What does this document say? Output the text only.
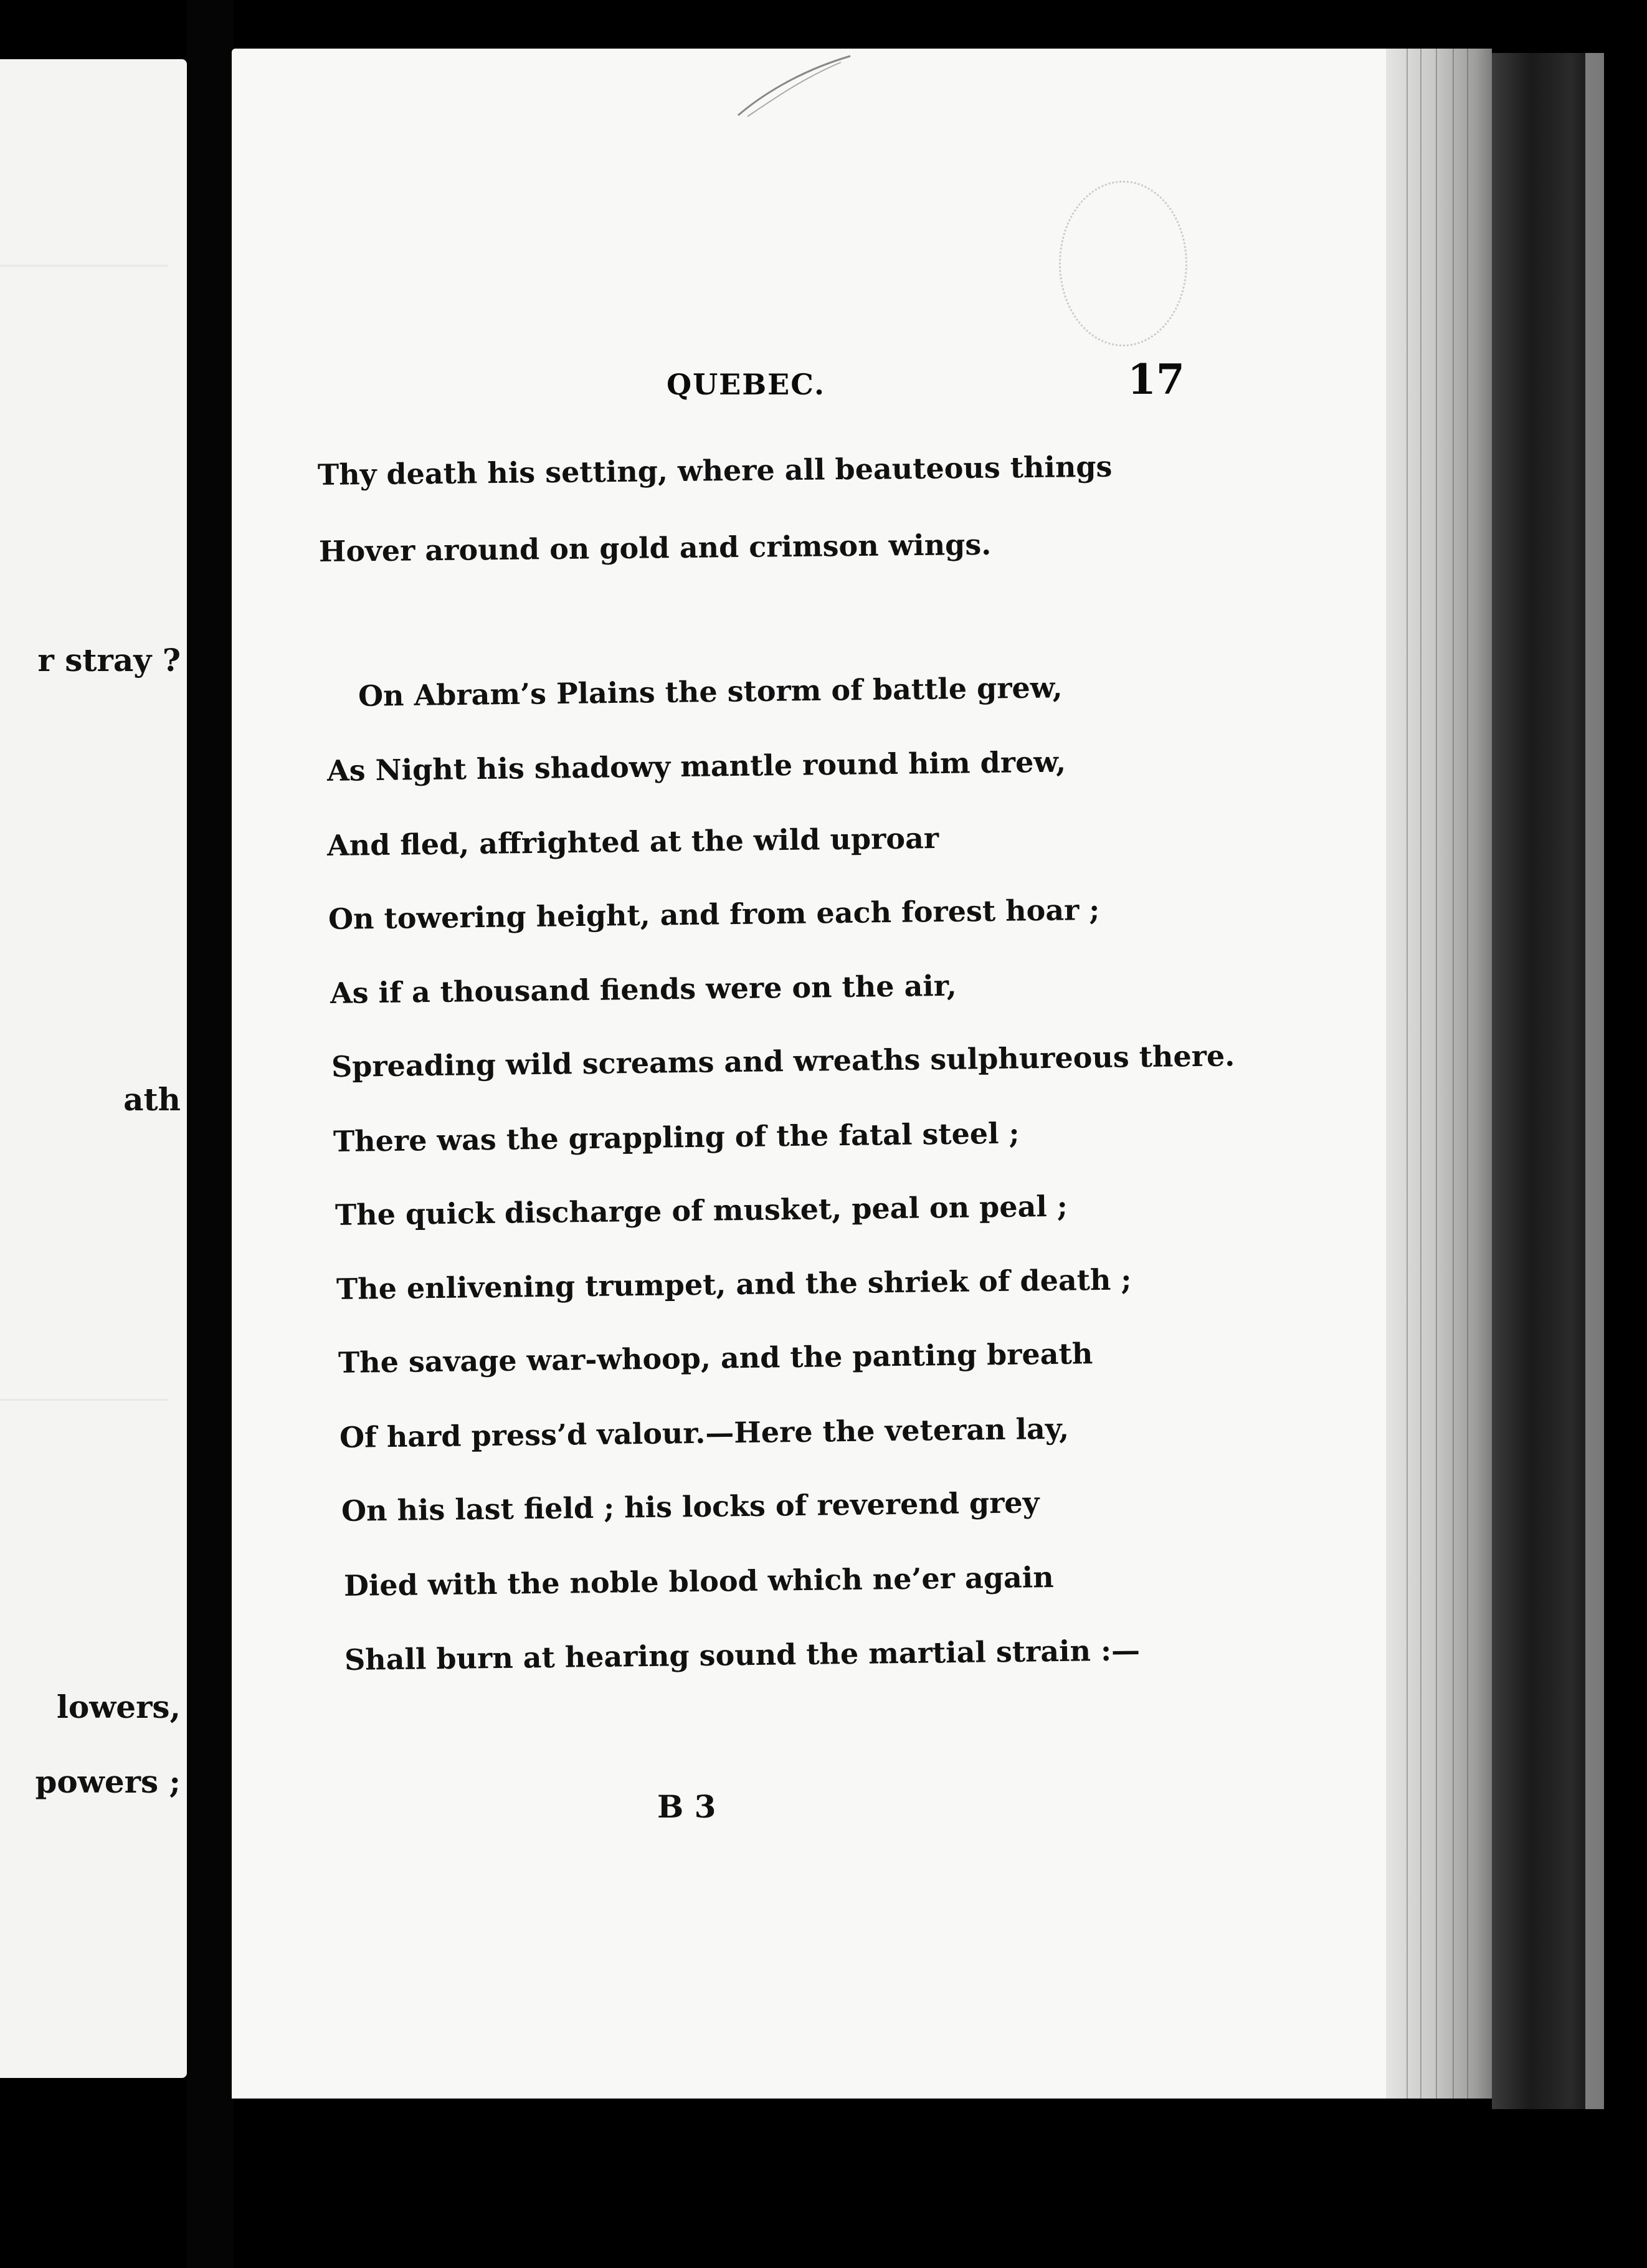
r stray ?
ath
lowers,
powers ;
QUEBEC.	17

Thy death his setting, where all beauteous things

Hover around on gold and crimson wings.

On Abram’s Plains the storm of battle grew,

As Night his shadowy mantle round him drew,

And fled, affrighted at the wild uproar

On towering height, and from each forest hoar ;

As if a thousand fiends were on the air,

Spreading wild screams and wreaths sulphureous there.

There was the grappling of the fatal steel ;

The quick discharge of musket, peal on peal ;

The enlivening trumpet, and the shriek of death ;

The savage war-whoop, and the panting breath

Of hard press’d valour.—Here the veteran lay,

On his last field ; his locks of reverend grey

Died with the noble blood which ne’er again

Shall burn at hearing sound the martial strain :—

B 3
